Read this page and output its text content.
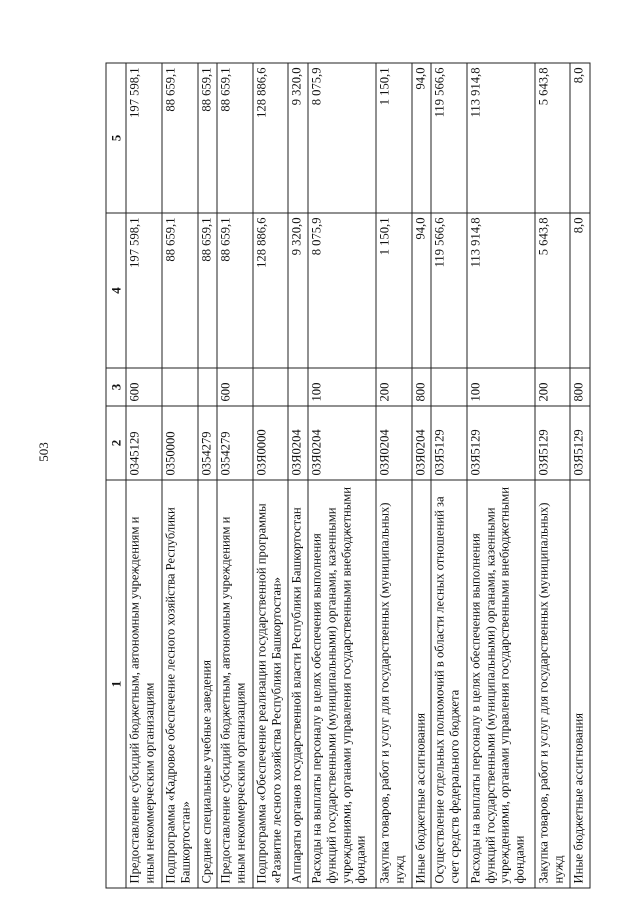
503
1	2	3	4	5
Предоставление субсидий бюджетным, автономным учреждениям и иным некоммерческим организациям	0345129	600	197 598,1	197 598,1
Подпрограмма «Кадровое обеспечение лесного хозяйства Республики Башкортостан»	0350000		88 659,1	88 659,1
Средние специальные учебные заведения	0354279		88 659,1	88 659,1
Предоставление субсидий бюджетным, автономным учреждениям и иным некоммерческим организациям	0354279	600	88 659,1	88 659,1
Подпрограмма «Обеспечение реализации государственной программы «Развитие лесного хозяйства Республики Башкортостан»	03Я0000		128 886,6	128 886,6
Аппараты органов государственной власти Республики Башкортостан	03Я0204		9 320,0	9 320,0
Расходы на выплаты персоналу в целях обеспечения выполнения функций государственными (муниципальными) органами, казенными учреждениями, органами управления государственными внебюджетными фондами	03Я0204	100	8 075,9	8 075,9
Закупка товаров, работ и услуг для государственных (муниципальных) нужд	03Я0204	200	1 150,1	1 150,1
Иные бюджетные ассигнования	03Я0204	800	94,0	94,0
Осуществление отдельных полномочий в области лесных отношений за счет средств федерального бюджета	03Я5129		119 566,6	119 566,6
Расходы на выплаты персоналу в целях обеспечения выполнения функций государственными (муниципальными) органами, казенными учреждениями, органами управления государственными внебюджетными фондами	03Я5129	100	113 914,8	113 914,8
Закупка товаров, работ и услуг для государственных (муниципальных) нужд	03Я5129	200	5 643,8	5 643,8
Иные бюджетные ассигнования	03Я5129	800	8,0	8,0
